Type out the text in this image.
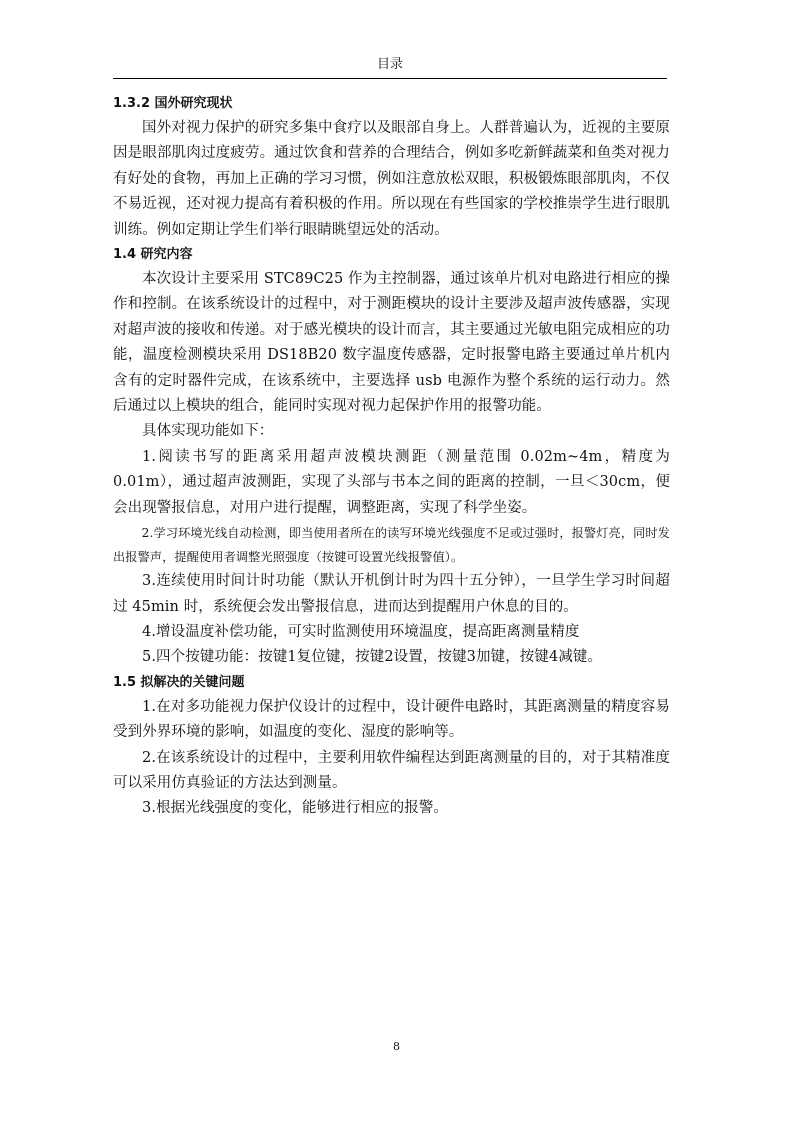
目录
1.3.2 国外研究现状

国外对视力保护的研究多集中食疗以及眼部自身上。人群普遍认为，近视的主要原因是眼部肌肉过度疲劳。通过饮食和营养的合理结合，例如多吃新鲜蔬菜和鱼类对视力有好处的食物，再加上正确的学习习惯，例如注意放松双眼，积极锻炼眼部肌肉，不仅不易近视，还对视力提高有着积极的作用。所以现在有些国家的学校推崇学生进行眼肌训练。例如定期让学生们举行眼睛眺望远处的活动。

1.4 研究内容

本次设计主要采用 STC89C25 作为主控制器，通过该单片机对电路进行相应的操作和控制。在该系统设计的过程中，对于测距模块的设计主要涉及超声波传感器，实现对超声波的接收和传递。对于感光模块的设计而言，其主要通过光敏电阻完成相应的功能，温度检测模块采用 DS18B20 数字温度传感器，定时报警电路主要通过单片机内含有的定时器件完成，在该系统中，主要选择 usb 电源作为整个系统的运行动力。然后通过以上模块的组合，能同时实现对视力起保护作用的报警功能。

具体实现功能如下：

1.阅读书写的距离采用超声波模块测距（测量范围 0.02m~4m，精度为 0.01m），通过超声波测距，实现了头部与书本之间的距离的控制，一旦＜30cm，便会出现警报信息，对用户进行提醒，调整距离，实现了科学坐姿。

2.学习环境光线自动检测，即当使用者所在的读写环境光线强度不足或过强时，报警灯亮，同时发出报警声，提醒使用者调整光照强度（按键可设置光线报警值）。

3.连续使用时间计时功能（默认开机倒计时为四十五分钟），一旦学生学习时间超过 45min 时，系统便会发出警报信息，进而达到提醒用户休息的目的。

4.增设温度补偿功能，可实时监测使用环境温度，提高距离测量精度

5.四个按键功能：按键1复位键，按键2设置，按键3加键，按键4减键。

1.5 拟解决的关键问题

1.在对多功能视力保护仪设计的过程中，设计硬件电路时，其距离测量的精度容易受到外界环境的影响，如温度的变化、湿度的影响等。

2.在该系统设计的过程中，主要利用软件编程达到距离测量的目的，对于其精准度可以采用仿真验证的方法达到测量。

3.根据光线强度的变化，能够进行相应的报警。

8
